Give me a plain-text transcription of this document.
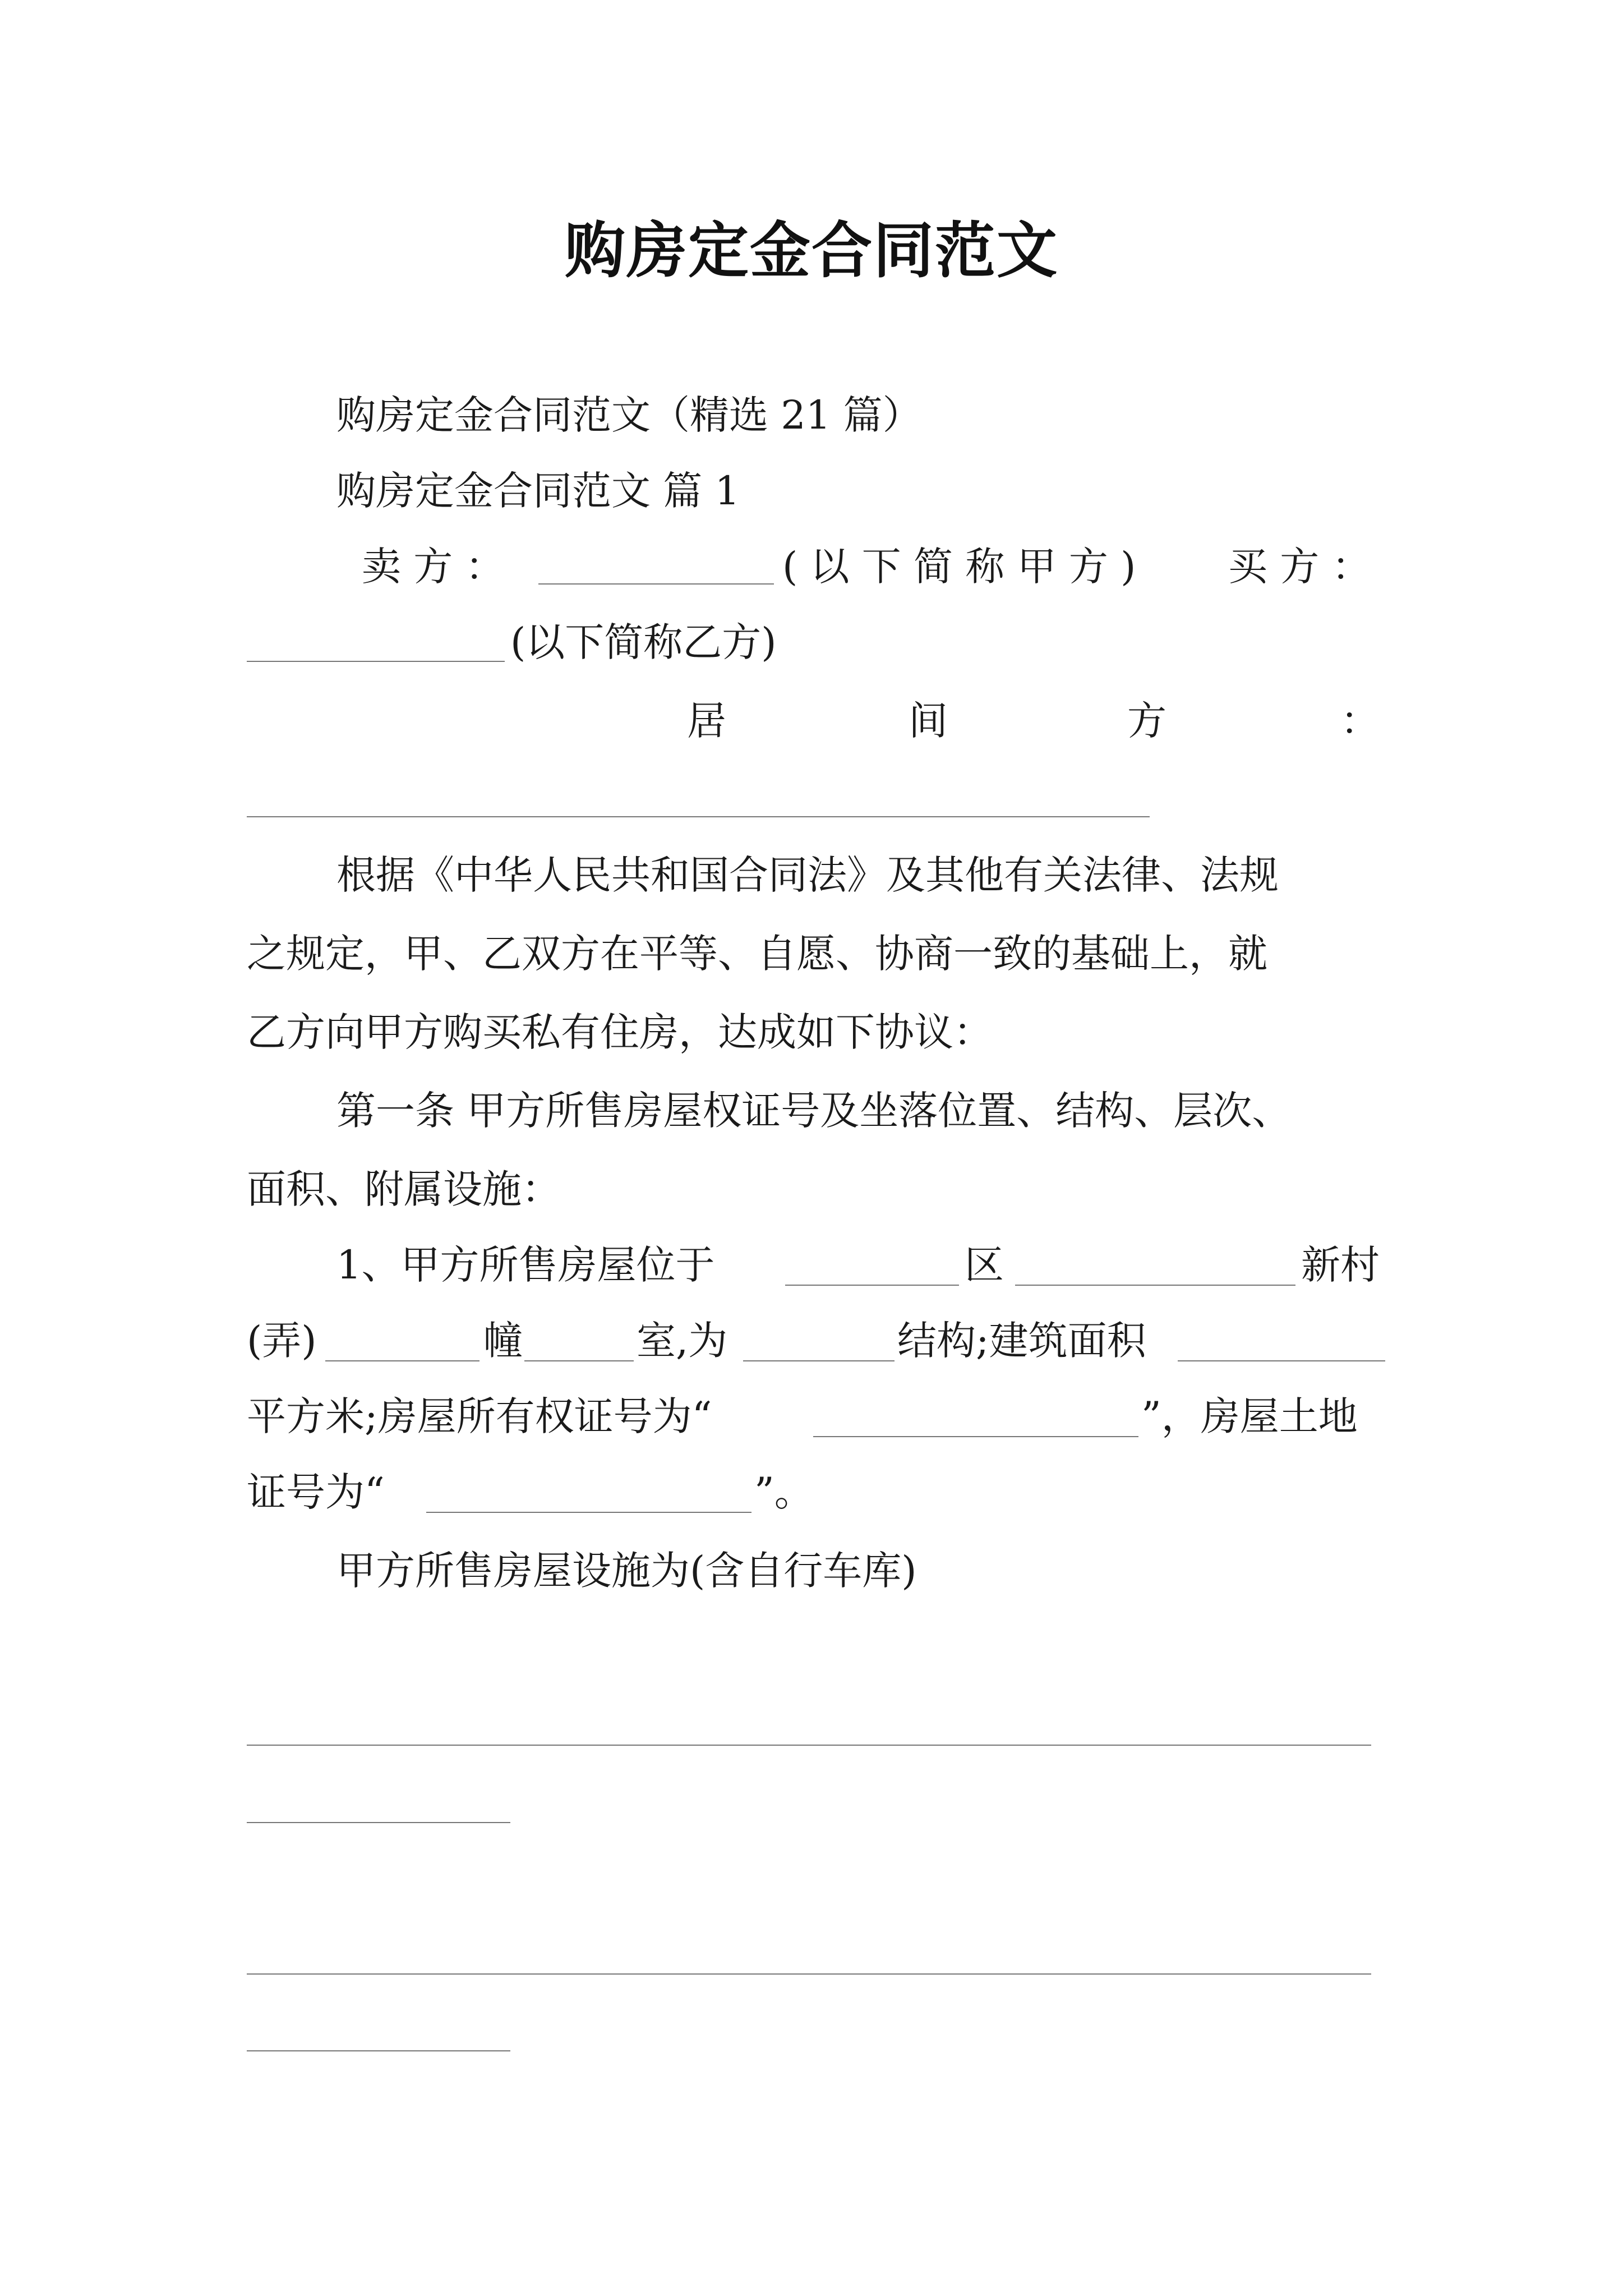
购房定金合同范文
购房定金合同范文（精选 21 篇）
购房定金合同范文 篇 1
卖 方 ：	( 以 下 简 称 甲 方 ) 买 方 ：
(以下简称乙方)
居	间	方	：
根据《中华人民共和国合同法》及其他有关法律、法规
之规定，甲、乙双方在平等、自愿、协商一致的基础上，就
乙方向甲方购买私有住房，达成如下协议：
第一条 甲方所售房屋权证号及坐落位置、结构、层次、
面积、附属设施：
1、甲方所售房屋位于	区	新村
(弄)	幢	室,为	结构;建筑面积
平方米;房屋所有权证号为“	”，房屋土地
证号为“	”。
甲方所售房屋设施为(含自行车库)
